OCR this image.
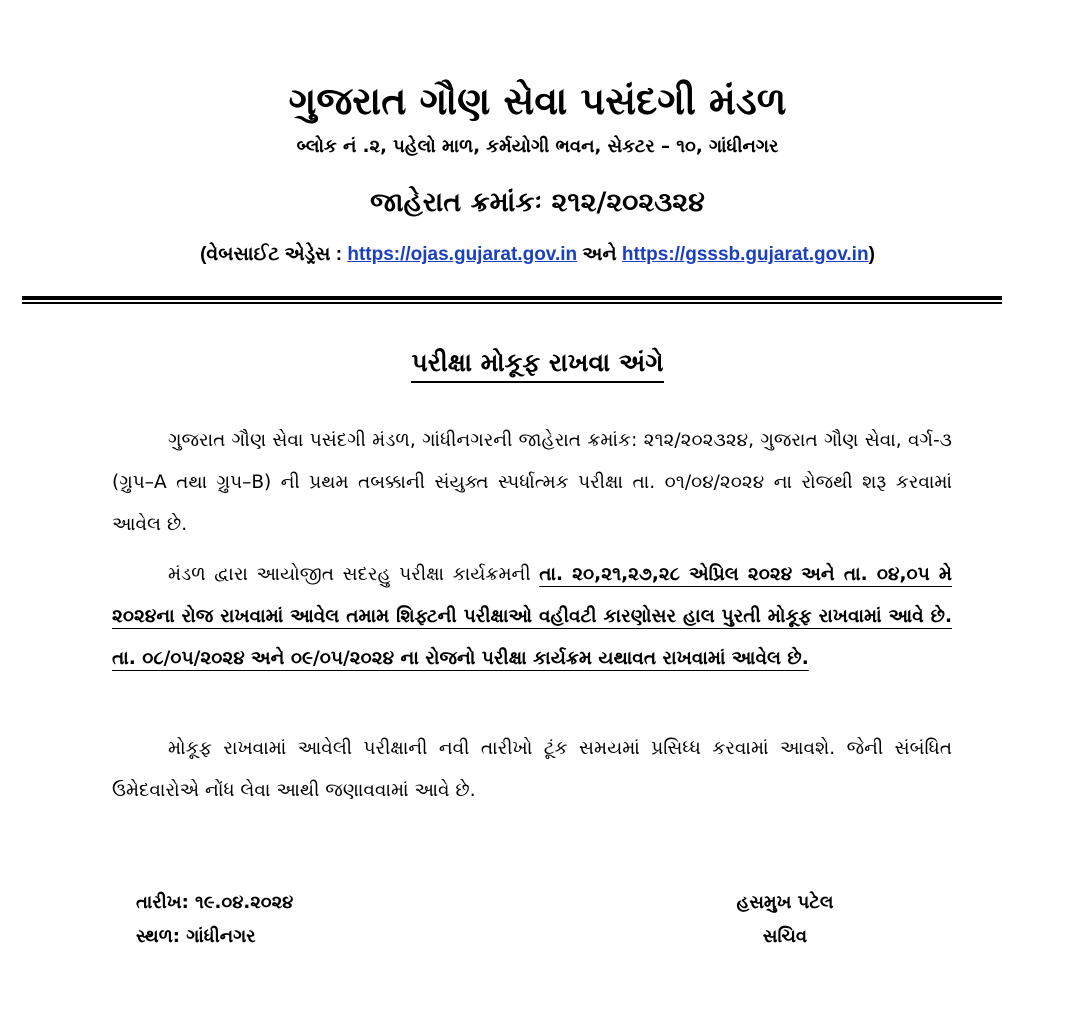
ગુજરાત ગૌણ સેવા પસંદગી મંડળ
બ્લોક નં .૨, પહેલો માળ, કર્મયોગી ભવન, સેકટર – ૧૦, ગાંધીનગર
જાહેરાત ક્રમાંકઃ ૨૧૨/૨૦૨૩૨૪
(વેબસાઈટ એડ્રેસ : https://ojas.gujarat.gov.in અને https://gsssb.gujarat.gov.in)
પરીક્ષા મોકૂફ રાખવા અંગે

ગુજરાત ગૌણ સેવા પસંદગી મંડળ, ગાંધીનગરની જાહેરાત ક્રમાંક: ૨૧૨/૨૦૨૩૨૪, ગુજરાત ગૌણ સેવા, વર્ગ-૩ (ગ્રુપ–A તથા ગ્રુપ–B) ની પ્રથમ તબક્કાની સંયુક્ત સ્પર્ધાત્મક પરીક્ષા તા. ૦૧/૦૪/૨૦૨૪ ના રોજથી શરૂ કરવામાં આવેલ છે.

મંડળ દ્વારા આયોજીત સદરહુ પરીક્ષા કાર્યક્રમની તા. ૨૦,૨૧,૨૭,૨૮ એપ્રિલ ૨૦૨૪ અને તા. ૦૪,૦૫ મે ૨૦૨૪ના રોજ રાખવામાં આવેલ તમામ શિફ્ટની પરીક્ષાઓ વહીવટી કારણોસર હાલ પુરતી મોકૂફ રાખવામાં આવે છે. તા. ૦૮/૦૫/૨૦૨૪ અને ૦૯/૦૫/૨૦૨૪ ના રોજનો પરીક્ષા કાર્યક્રમ યથાવત રાખવામાં આવેલ છે.

મોકૂફ રાખવામાં આવેલી પરીક્ષાની નવી તારીખો ટૂંક સમયમાં પ્રસિધ્ધ કરવામાં આવશે. જેની સંબંધિત ઉમેદવારોએ નોંધ લેવા આથી જણાવવામાં આવે છે.

તારીખ: ૧૯.૦૪.૨૦૨૪
સ્થળ: ગાંધીનગર
હસમુખ પટેલ
સચિવ
